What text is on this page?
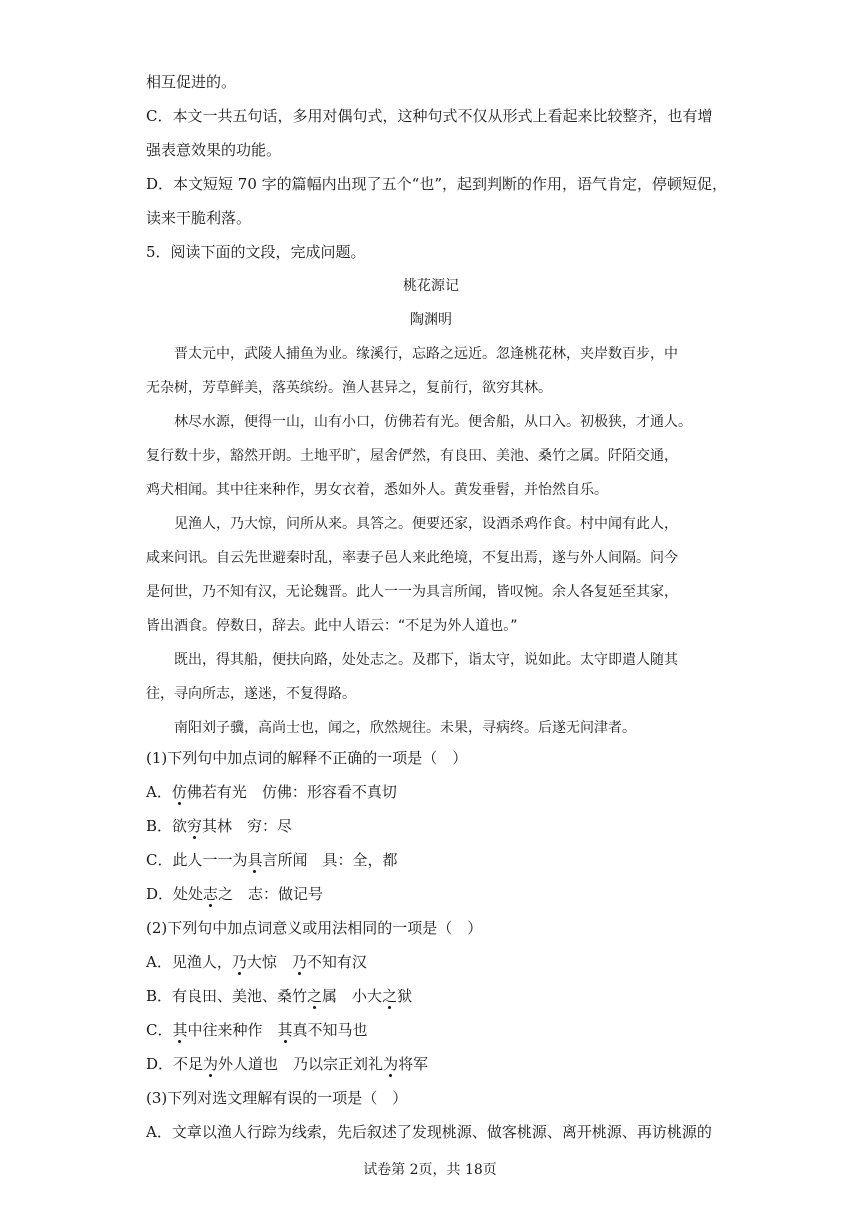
相互促进的。
C．本文一共五句话，多用对偶句式，这种句式不仅从形式上看起来比较整齐，也有增
强表意效果的功能。
D．本文短短 70 字的篇幅内出现了五个“也”，起到判断的作用，语气肯定，停顿短促，
读来干脆利落。
5．阅读下面的文段，完成问题。
桃花源记
陶渊明
　　晋太元中，武陵人捕鱼为业。缘溪行，忘路之远近。忽逢桃花林，夹岸数百步，中
无杂树，芳草鲜美，落英缤纷。渔人甚异之，复前行，欲穷其林。
　　林尽水源，便得一山，山有小口，仿佛若有光。便舍船，从口入。初极狭，才通人。
复行数十步，豁然开朗。土地平旷，屋舍俨然，有良田、美池、桑竹之属。阡陌交通，
鸡犬相闻。其中往来种作，男女衣着，悉如外人。黄发垂髫，并怡然自乐。
　　见渔人，乃大惊，问所从来。具答之。便要还家，设酒杀鸡作食。村中闻有此人，
咸来问讯。自云先世避秦时乱，率妻子邑人来此绝境，不复出焉，遂与外人间隔。问今
是何世，乃不知有汉，无论魏晋。此人一一为具言所闻，皆叹惋。余人各复延至其家，
皆出酒食。停数日，辞去。此中人语云：“不足为外人道也。”
　　既出，得其船，便扶向路，处处志之。及郡下，诣太守，说如此。太守即遣人随其
往，寻向所志，遂迷，不复得路。
　　南阳刘子骥，高尚士也，闻之，欣然规往。未果，寻病终。后遂无问津者。
(1)下列句中加点词的解释不正确的一项是（　）
A．仿佛若有光　仿佛：形容看不真切
B．欲穷其林　穷：尽
C．此人一一为具言所闻　具：全，都
D．处处志之　志：做记号
(2)下列句中加点词意义或用法相同的一项是（　）
A．见渔人，乃大惊　乃不知有汉
B．有良田、美池、桑竹之属　小大之狱
C．其中往来种作　其真不知马也
D．不足为外人道也　乃以宗正刘礼为将军
(3)下列对选文理解有误的一项是（　）
A．文章以渔人行踪为线索，先后叙述了发现桃源、做客桃源、离开桃源、再访桃源的
试卷第 2页，共 18页
